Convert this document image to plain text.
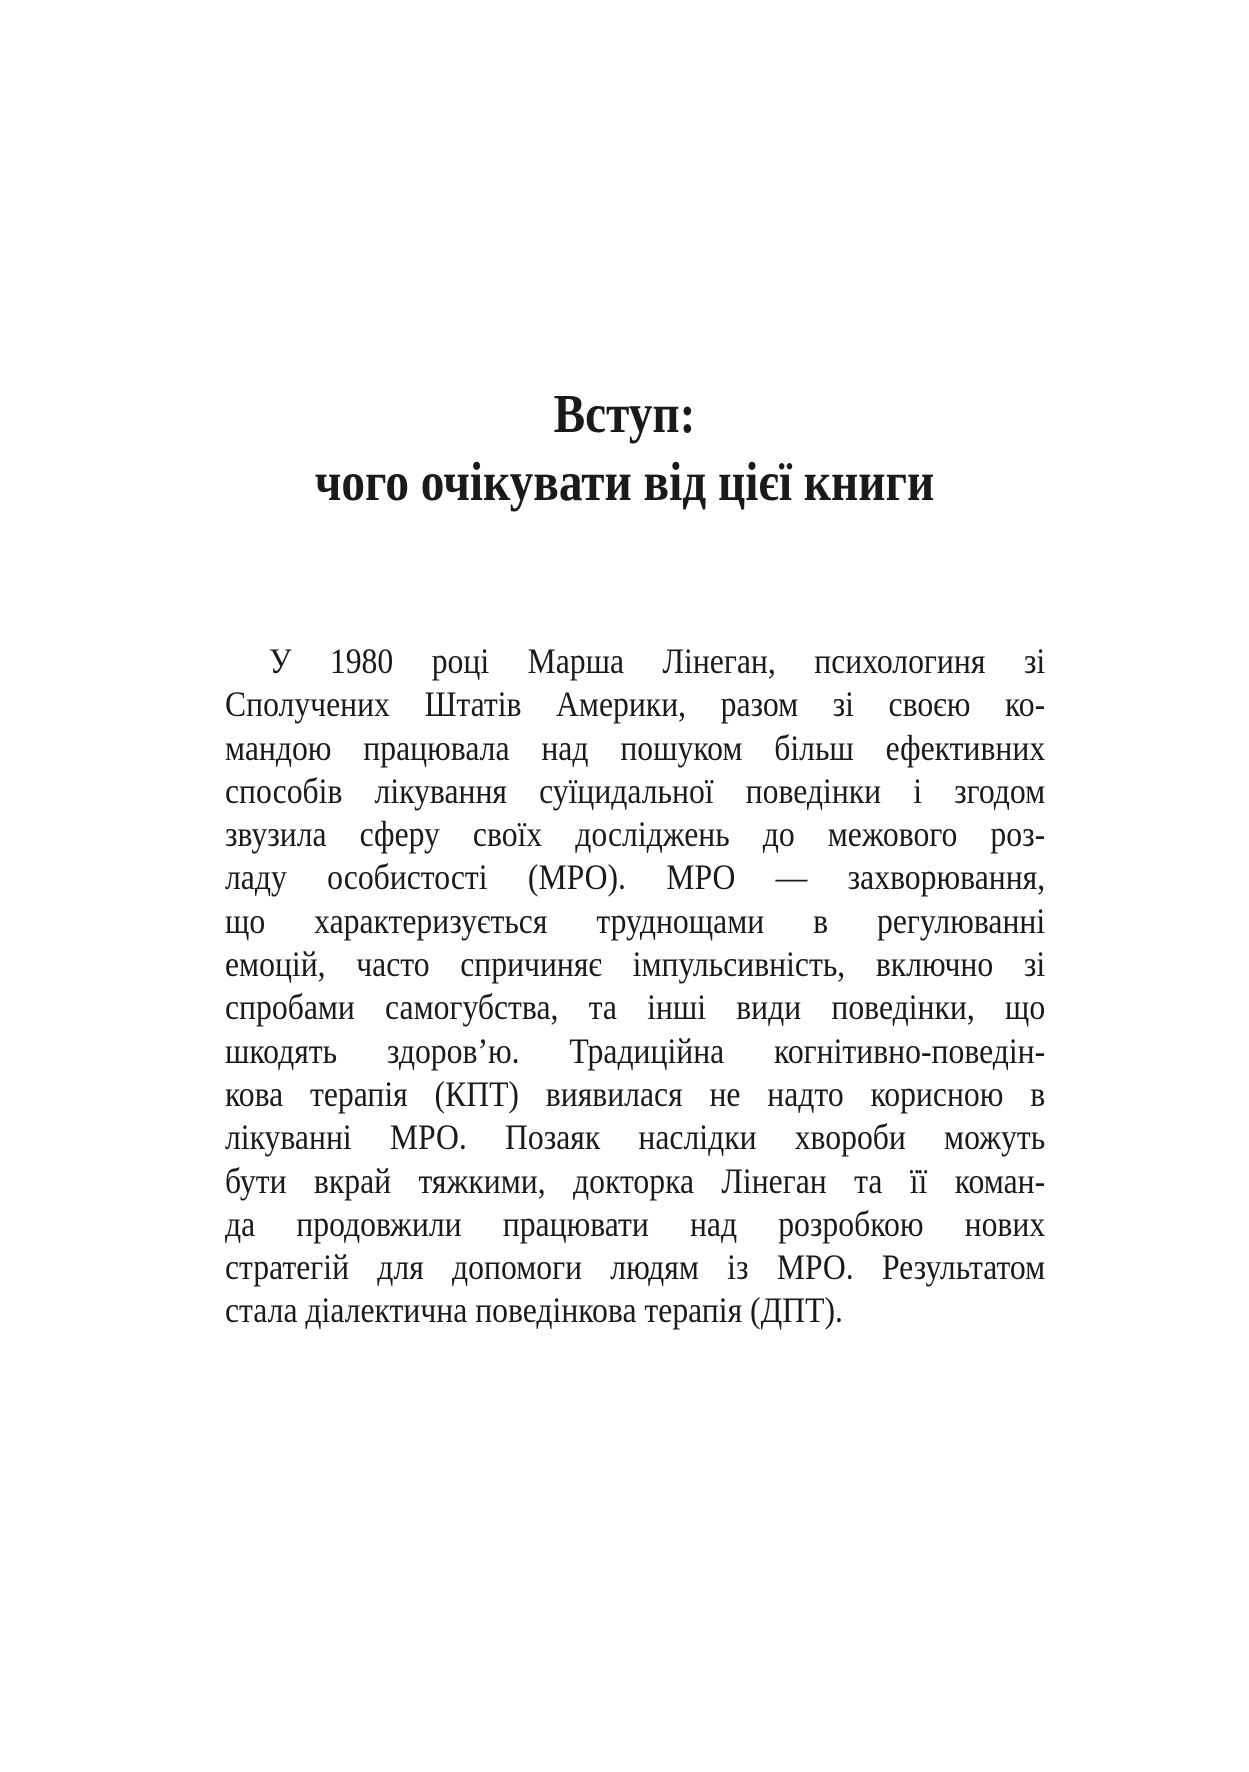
Вступ:
чого очікувати від цієї книги
У 1980 році Марша Лінеган, психологиня зі
Сполучених Штатів Америки, разом зі своєю ко-
мандою працювала над пошуком більш ефективних
способів лікування суїцидальної поведінки і згодом
звузила сферу своїх досліджень до межового роз-
ладу особистості (МРО). МРО — захворювання,
що характеризується труднощами в регулюванні
емоцій, часто спричиняє імпульсивність, включно зі
спробами самогубства, та інші види поведінки, що
шкодять здоров’ю. Традиційна когнітивно-поведін-
кова терапія (КПТ) виявилася не надто корисною в
лікуванні МРО. Позаяк наслідки хвороби можуть
бути вкрай тяжкими, докторка Лінеган та її коман-
да продовжили працювати над розробкою нових
стратегій для допомоги людям із МРО. Результатом
стала діалектична поведінкова терапія (ДПТ).
